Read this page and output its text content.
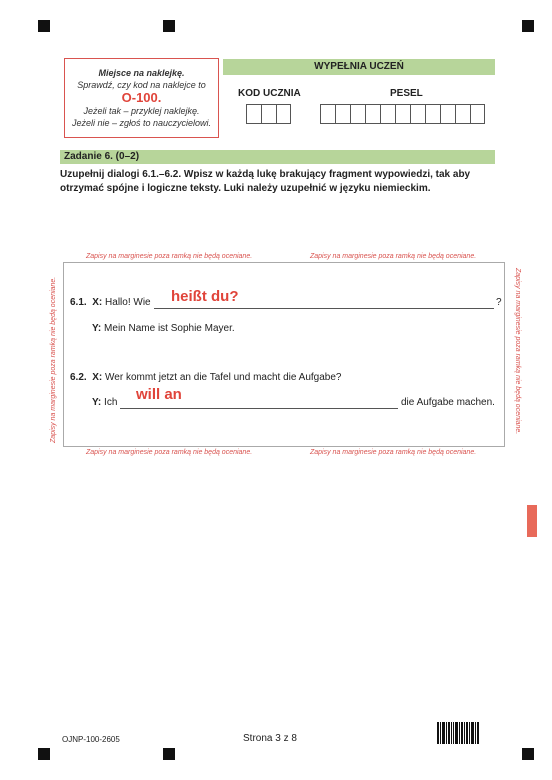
Miejsce na naklejkę.
Sprawdź, czy kod na naklejce to
O-100.
Jeżeli tak – przyklej naklejkę.
Jeżeli nie – zgłoś to nauczycielowi.
WYPEŁNIA UCZEŃ
KOD UCZNIA	PESEL
Zadanie 6. (0–2)
Uzupełnij dialogi 6.1.–6.2. Wpisz w każdą lukę brakujący fragment wypowiedzi, tak aby otrzymać spójne i logiczne teksty. Luki należy uzupełnić w języku niemieckim.
Zapisy na marginesie poza ramką nie będą oceniane.	Zapisy na marginesie poza ramką nie będą oceniane.
Zapisy na marginesie poza ramką nie będą oceniane.	Zapisy na marginesie poza ramką nie będą oceniane.
Zapisy na marginesie poza ramką nie będą oceniane.	Zapisy na marginesie poza ramką nie będą oceniane.
6.1. X: Hallo! Wie	?
heißt du?
Y: Mein Name ist Sophie Mayer.
6.2. X: Wer kommt jetzt an die Tafel und macht die Aufgabe?
Y: Ich will an	die Aufgabe machen.
OJNP-100-2605	Strona 3 z 8
